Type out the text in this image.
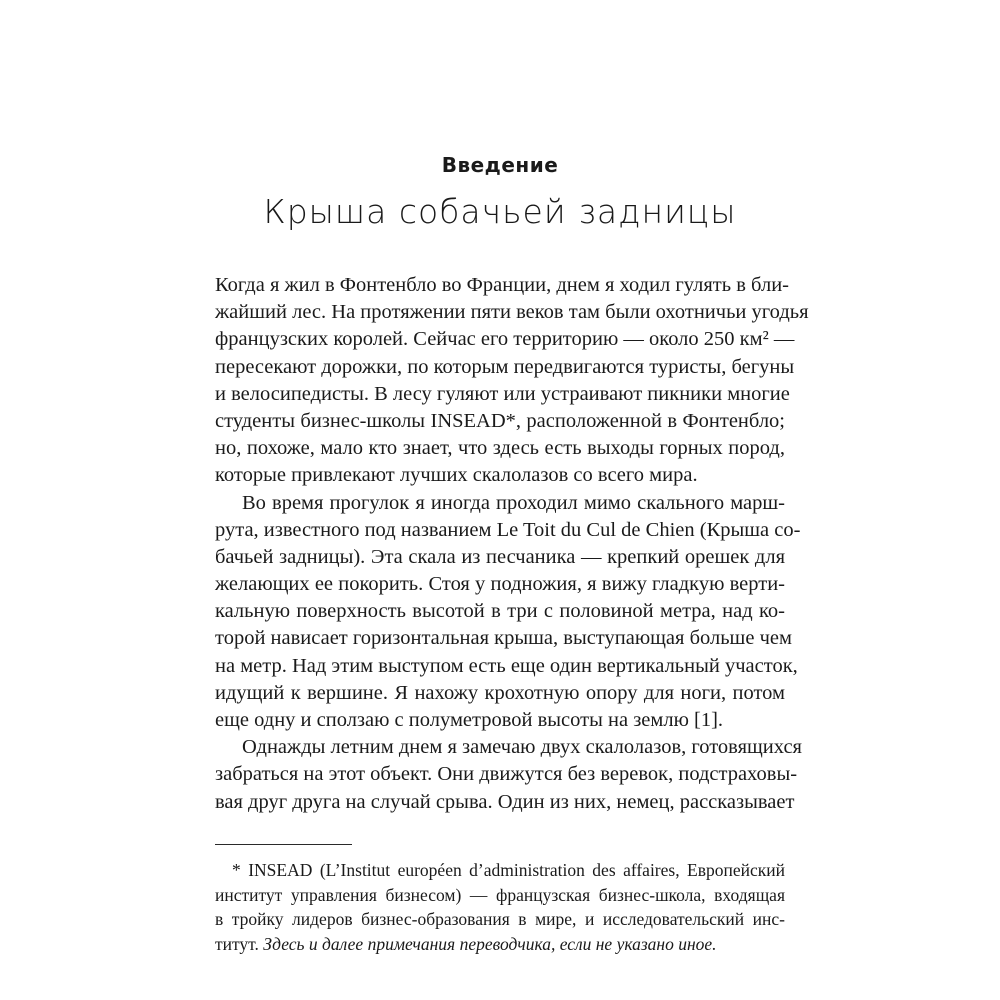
Введение
Крыша собачьей задницы
Когда я жил в Фонтенбло во Франции, днем я ходил гулять в бли-
жайший лес. На протяжении пяти веков там были охотничьи угодья
французских королей. Сейчас его территорию — около 250 км² —
пересекают дорожки, по которым передвигаются туристы, бегуны
и велосипедисты. В лесу гуляют или устраивают пикники многие
студенты бизнес-школы INSEAD*, расположенной в Фонтенбло;
но, похоже, мало кто знает, что здесь есть выходы горных пород,
которые привлекают лучших скалолазов со всего мира.
Во время прогулок я иногда проходил мимо скального марш-
рута, известного под названием Le Toit du Cul de Chien (Крыша со-
бачьей задницы). Эта скала из песчаника — крепкий орешек для
желающих ее покорить. Стоя у подножия, я вижу гладкую верти-
кальную поверхность высотой в три с половиной метра, над ко-
торой нависает горизонтальная крыша, выступающая больше чем
на метр. Над этим выступом есть еще один вертикальный участок,
идущий к вершине. Я нахожу крохотную опору для ноги, потом
еще одну и сползаю с полуметровой высоты на землю [1].
Однажды летним днем я замечаю двух скалолазов, готовящихся
забраться на этот объект. Они движутся без веревок, подстраховы-
вая друг друга на случай срыва. Один из них, немец, рассказывает
* INSEAD (L’Institut européen d’administration des affaires, Европейский
институт управления бизнесом) — французская бизнес-школа, входящая
в тройку лидеров бизнес-образования в мире, и исследовательский инс-
титут. Здесь и далее примечания переводчика, если не указано иное.
